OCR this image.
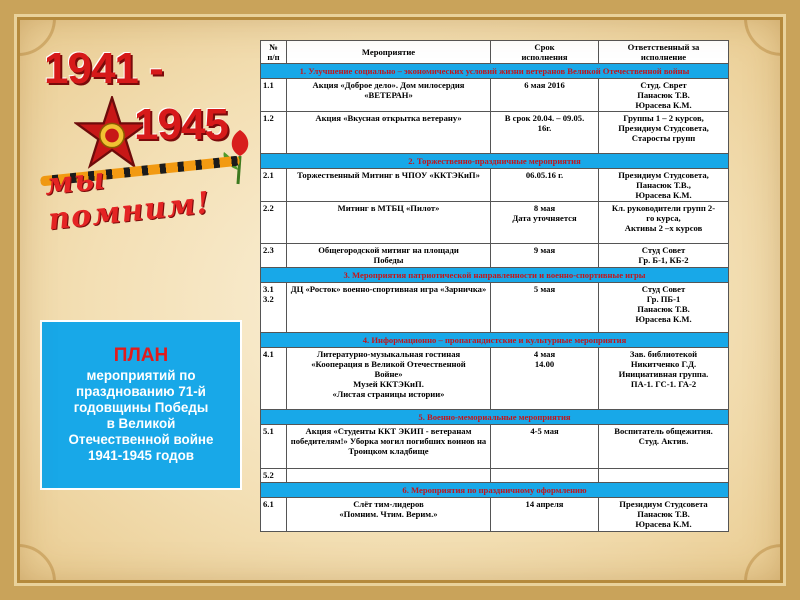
1941 -
1945
мы помним!
ПЛАН
мероприятий по
празднованию 71-й
годовщины Победы
в Великой
Отечественной войне
1941-1945 годов
№
п/п	Мероприятие	Срок
исполнения	Ответственный за
исполнение
1. Улучшение социально – экономических условий жизни ветеранов Великой Отечественной войны			
1.1	Акция «Доброе дело». Дом милосердия «ВЕТЕРАН»	6 мая 2016	Студ. Сврет
Панасюк Т.В.
Юрасева К.М.
1.2	Акция «Вкусная открытка ветерану»	В срок 20.04. – 09.05.
16г.	Группы 1 – 2 курсов,
Президиум Студсовета,
Старосты групп
2. Торжественно-праздничные мероприятия			
2.1	Торжественный Митинг в ЧПОУ «ККТЭКиП»	06.05.16 г.	Президиум Студсовета,
Панасюк Т.В.,
Юрасева К.М.
2.2	Митинг в МТБЦ «Пилот»	8 мая
Дата уточняется	Кл. руководители групп 2-
го курса,
Активы 2 –х курсов
2.3	Общегородской митинг на площади
Победы	9 мая	Студ Совет
Гр. Б-1, КБ-2
3. Мероприятия патриотической направленности и военно-спортивные игры			
3.1
3.2	ДЦ «Росток» военно-спортивная игра «Зарничка»	5 мая	Студ Совет
Гр. ПБ-1
Панасюк Т.В.
Юрасева К.М.
4. Информационно – пропагандистские и культурные мероприятия			
4.1	Литературно-музыкальная гостиная
«Кооперация в Великой Отечественной
Войне»
Музей ККТЭКиП.
«Листая страницы истории»	4 мая
14.00	Зав. библиотекой
Никитченко Г.Д.
Инициативная группа.
ПА-1. ГС-1. ГА-2
5. Военно-мемориальные мероприятия			
5.1	Акция «Студенты ККТ ЭКИП - ветеранам победителям!» Уборка могил погибших воинов на Троицком кладбище	4-5 мая	Воспитатель общежития.
Студ. Актив.
5.2			
6. Мероприятия по праздничному оформлению			
6.1	Слёт тим-лидеров
«Помним. Чтим. Верим.»	14 апреля	Президиум Студсовета
Панасюк Т.В.
Юрасева К.М.
